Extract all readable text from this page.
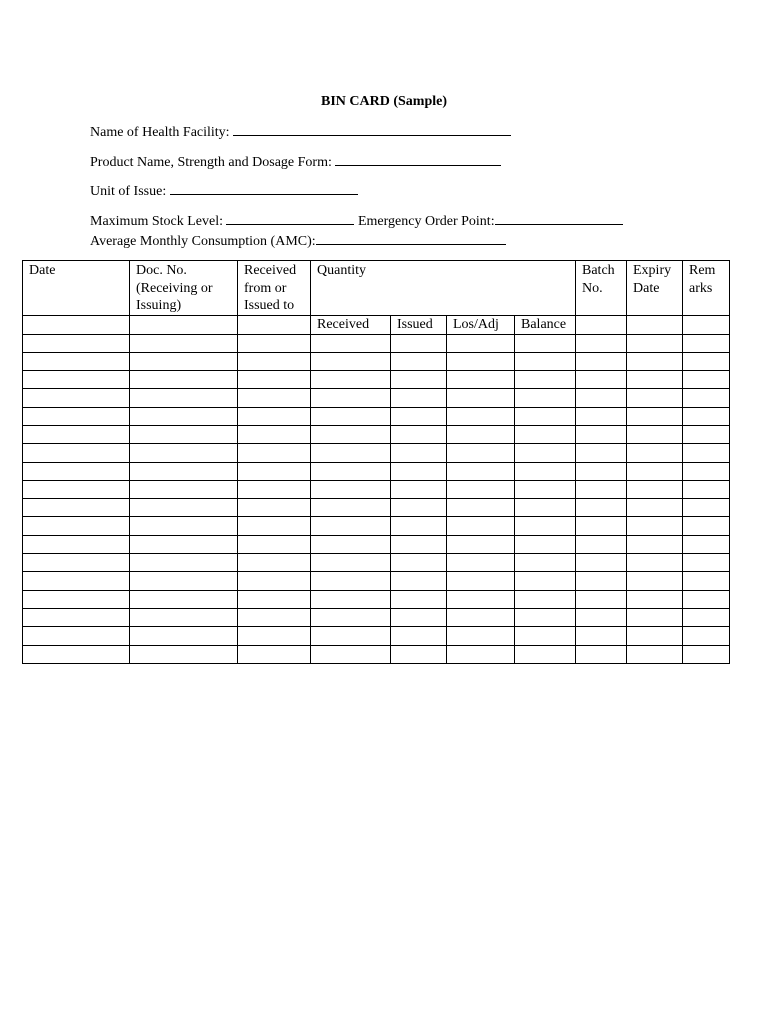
BIN CARD (Sample)
Name of Health Facility:
Product Name, Strength and Dosage Form:
Unit of Issue:
Maximum Stock Level:	Emergency Order Point:
Average Monthly Consumption (AMC):
Date	Doc. No. (Receiving or Issuing)	Received from or Issued to	Quantity				Batch No.	Expiry Date	Rem arks
			Received	Issued	Los/Adj	Balance			
